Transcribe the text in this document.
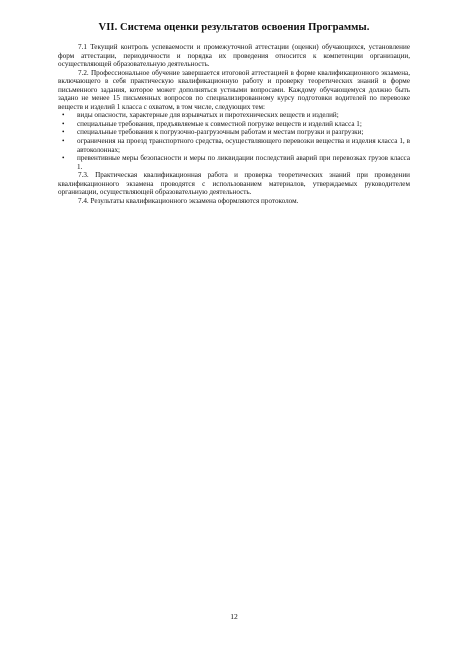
VII. Система оценки результатов освоения Программы.

7.1 Текущий контроль успеваемости и промежуточной аттестации (оценки) обучающихся, установление форм аттестации, периодичности и порядка их проведения относится к компетенции организации, осуществляющей образовательную деятельность.

7.2. Профессиональное обучение завершается итоговой аттестацией в форме квалификационного экзамена, включающего в себя практическую квалификационную работу и проверку теоретических знаний в форме письменного задания, которое может дополняться устными вопросами. Каждому обучающемуся должно быть задано не менее 15 письменных вопросов по специализированному курсу подготовки водителей по перевозке веществ и изделий 1 класса с охватом, в том числе, следующих тем:

• виды опасности, характерные для взрывчатых и пиротехнических веществ и изделий;
• специальные требования, предъявляемые к совместной погрузке веществ и изделий класса 1;
• специальные требования к погрузочно-разгрузочным работам и местам погрузки и разгрузки;
• ограничения на проезд транспортного средства, осуществляющего перевозки вещества и изделия класса 1, в автоколоннах;
• превентивные меры безопасности и меры по ликвидации последствий аварий при перевозках грузов класса 1.

7.3. Практическая квалификационная работа и проверка теоретических знаний при проведении квалификационного экзамена проводятся с использованием материалов, утверждаемых руководителем организации, осуществляющей образовательную деятельность.

7.4. Результаты квалификационного экзамена оформляются протоколом.

12
